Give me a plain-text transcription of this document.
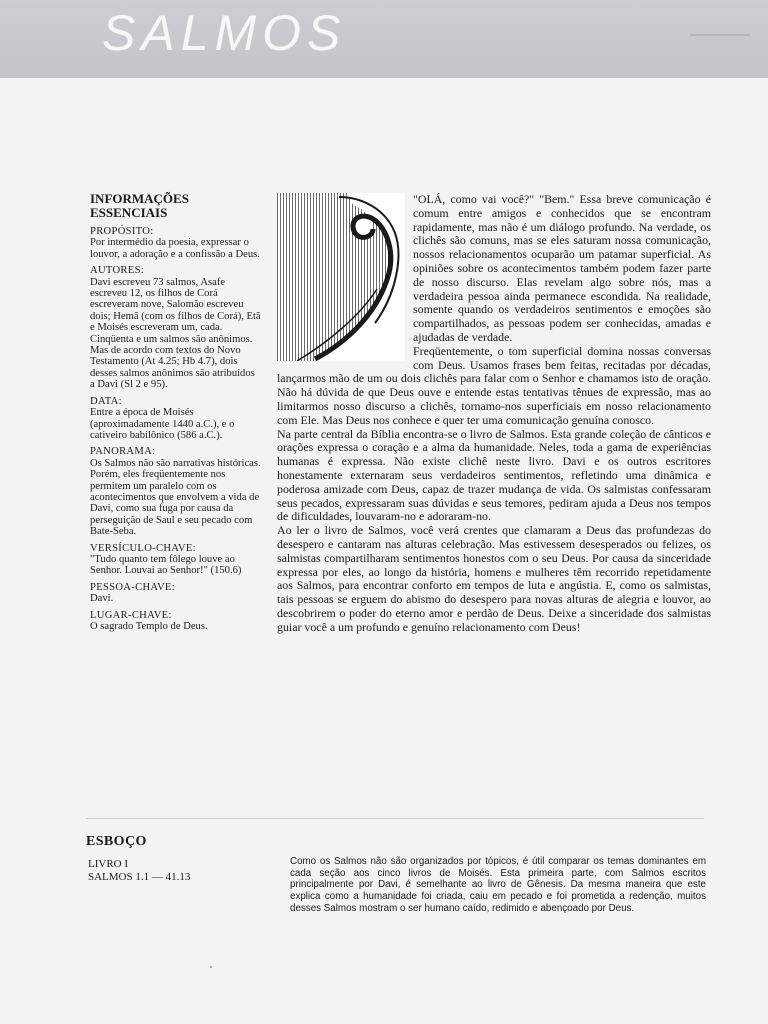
SALMOS
INFORMAÇÕES ESSENCIAIS
PROPÓSITO:

Por intermédio da poesia, expressar o louvor, a adoração e a confissão a Deus.

AUTORES:

Davi escreveu 73 salmos, Asafe escreveu 12, os filhos de Corá escreveram nove, Salomão escreveu dois; Hemã (com os filhos de Corá), Etã e Moisés escreveram um, cada. Cinqüenta e um salmos são anônimos. Mas de acordo com textos do Novo Testamento (At 4.25; Hb 4.7), dois desses salmos anônimos são atribuídos a Davi (Sl 2 e 95).

DATA:

Entre a época de Moisés (aproximadamente 1440 a.C.), e o cativeiro babilônico (586 a.C.).

PANORAMA:

Os Salmos não são narrativas históricas. Porém, eles freqüentemente nos permitem um paralelo com os acontecimentos que envolvem a vida de Davi, como sua fuga por causa da perseguição de Saul e seu pecado com Bate-Seba.

VERSÍCULO-CHAVE:

"Tudo quanto tem fôlego louve ao Senhor. Louvai ao Senhor!" (150.6)

PESSOA-CHAVE:

Davi.

LUGAR-CHAVE:

O sagrado Templo de Deus.

"OLÁ, como vai você?" "Bem." Essa breve comunicação é comum entre amigos e conhecidos que se encontram rapidamente, mas não é um diálogo profundo. Na verdade, os clichês são comuns, mas se eles saturam nossa comunicação, nossos relacionamentos ocuparão um patamar superficial. As opiniões sobre os acontecimentos também podem fazer parte de nosso discurso. Elas revelam algo sobre nós, mas a verdadeira pessoa ainda permanece escondida. Na realidade, somente quando os verdadeiros sentimentos e emoções são compartilhados, as pessoas podem ser conhecidas, amadas e ajudadas de verdade.

Freqüentemente, o tom superficial domina nossas conversas com Deus. Usamos frases bem feitas, recitadas por décadas, lançarmos mão de um ou dois clichês para falar com o Senhor e chamamos isto de oração. Não há dúvida de que Deus ouve e entende estas tentativas tênues de expressão, mas ao limitarmos nosso discurso a clichês, tornamo-nos superficiais em nosso relacionamento com Ele. Mas Deus nos conhece e quer ter uma comunicação genuína conosco.

Na parte central da Bíblia encontra-se o livro de Salmos. Esta grande coleção de cânticos e orações expressa o coração e a alma da humanidade. Neles, toda a gama de experiências humanas é expressa. Não existe clichê neste livro. Davi e os outros escritores honestamente externaram seus verdadeiros sentimentos, refletindo uma dinâmica e poderosa amizade com Deus, capaz de trazer mudança de vida. Os salmistas confessaram seus pecados, expressaram suas dúvidas e seus temores, pediram ajuda a Deus nos tempos de dificuldades, louvaram-no e adoraram-no.

Ao ler o livro de Salmos, você verá crentes que clamaram a Deus das profundezas do desespero e cantaram nas alturas celebração. Mas estivessem desesperados ou felizes, os salmistas compartilharam sentimentos honestos com o seu Deus. Por causa da sinceridade expressa por eles, ao longo da história, homens e mulheres têm recorrido repetidamente aos Salmos, para encontrar conforto em tempos de luta e angústia. E, como os salmistas, tais pessoas se erguem do abismo do desespero para novas alturas de alegria e louvor, ao descobrirem o poder do eterno amor e perdão de Deus. Deixe a sinceridade dos salmistas guiar você a um profundo e genuíno relacionamento com Deus!

ESBOÇO
LIVRO I
SALMOS 1.1 — 41.13

Como os Salmos não são organizados por tópicos, é útil comparar os temas dominantes em cada seção aos cinco livros de Moisés. Esta primeira parte, com Salmos escritos principalmente por Davi, é semelhante ao livro de Gênesis. Da mesma maneira que este explica como a humanidade foi criada, caiu em pecado e foi prometida a redenção, muitos desses Salmos mostram o ser humano caído, redimido e abençoado por Deus.
